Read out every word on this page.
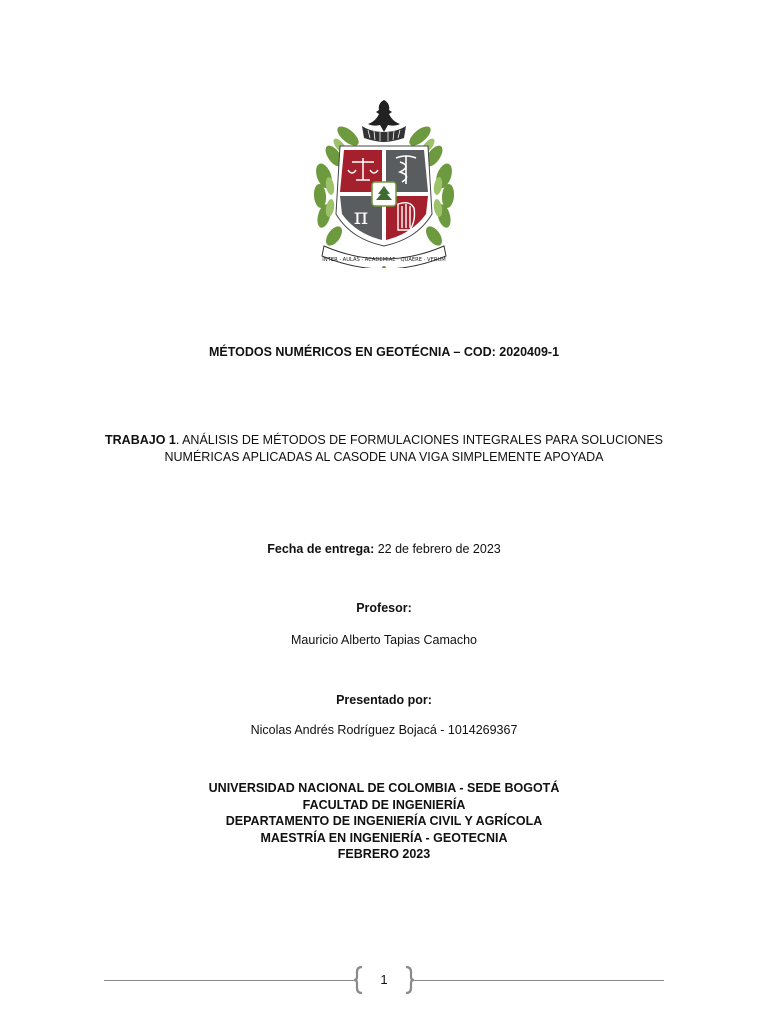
π
INTER · AULAS · ACADEMIAE · QUAERE · VERUM
MÉTODOS NUMÉRICOS EN GEOTÉCNIA – COD: 2020409-1
TRABAJO 1. ANÁLISIS DE MÉTODOS DE FORMULACIONES INTEGRALES PARA SOLUCIONES
NUMÉRICAS APLICADAS AL CASODE UNA VIGA SIMPLEMENTE APOYADA
Fecha de entrega: 22 de febrero de 2023
Profesor:
Mauricio Alberto Tapias Camacho
Presentado por:
Nicolas Andrés Rodríguez Bojacá - 1014269367
UNIVERSIDAD NACIONAL DE COLOMBIA - SEDE BOGOTÁ
FACULTAD DE INGENIERÍA
DEPARTAMENTO DE INGENIERÍA CIVIL Y AGRÍCOLA
MAESTRÍA EN INGENIERÍA - GEOTECNIA
FEBRERO 2023
1
